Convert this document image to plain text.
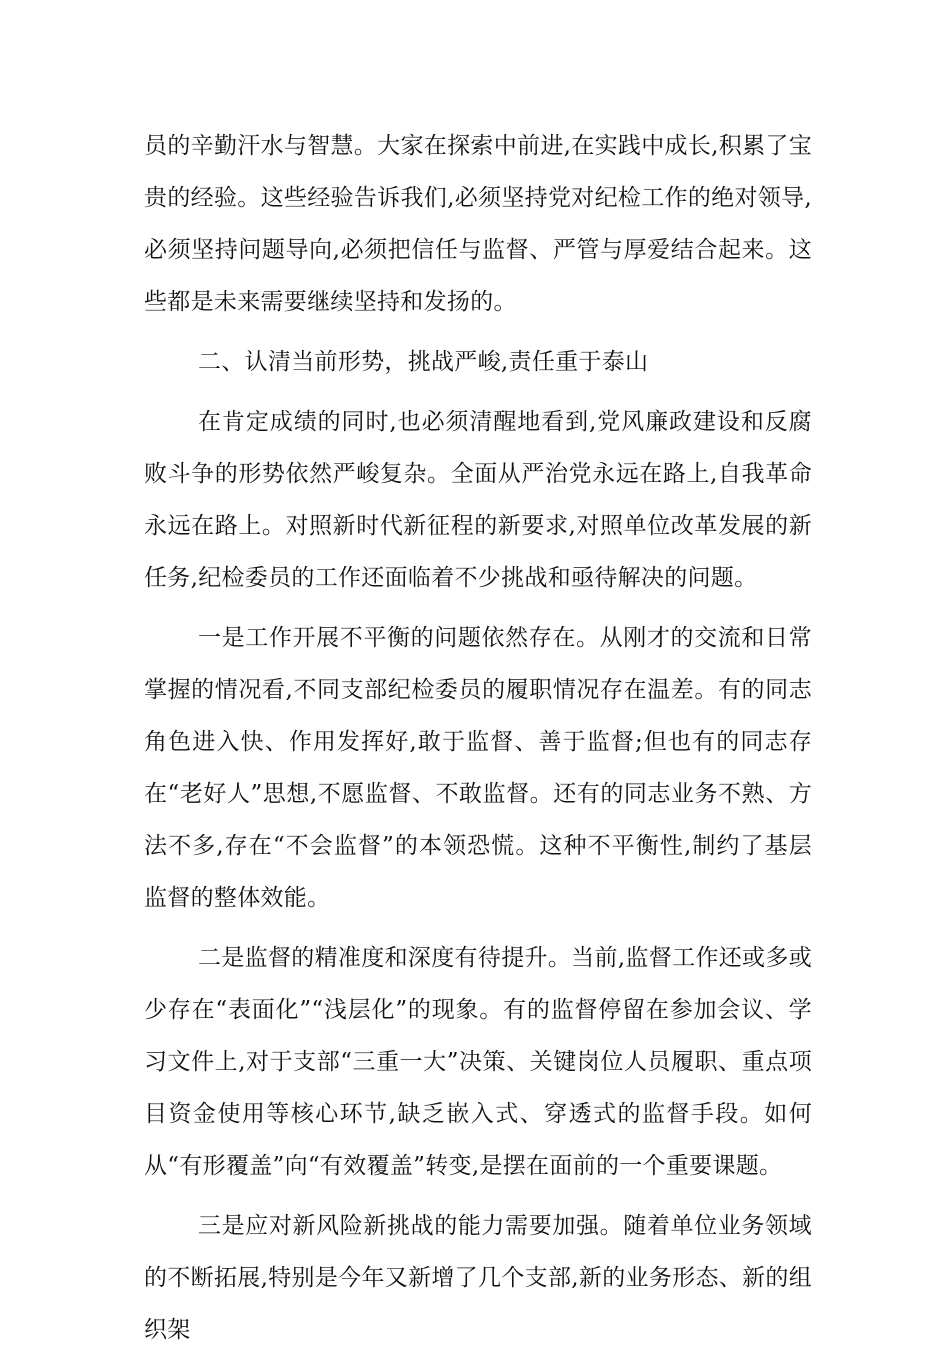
员的辛勤汗水与智慧。大家在探索中前进,在实践中成长,积累了宝贵的经验。这些经验告诉我们,必须坚持党对纪检工作的绝对领导,必须坚持问题导向,必须把信任与监督、严管与厚爱结合起来。这些都是未来需要继续坚持和发扬的。

二、认清当前形势，挑战严峻,责任重于泰山

在肯定成绩的同时,也必须清醒地看到,党风廉政建设和反腐败斗争的形势依然严峻复杂。全面从严治党永远在路上,自我革命永远在路上。对照新时代新征程的新要求,对照单位改革发展的新任务,纪检委员的工作还面临着不少挑战和亟待解决的问题。

一是工作开展不平衡的问题依然存在。从刚才的交流和日常掌握的情况看,不同支部纪检委员的履职情况存在温差。有的同志角色进入快、作用发挥好,敢于监督、善于监督;但也有的同志存在“老好人”思想,不愿监督、不敢监督。还有的同志业务不熟、方法不多,存在“不会监督”的本领恐慌。这种不平衡性,制约了基层监督的整体效能。

二是监督的精准度和深度有待提升。当前,监督工作还或多或少存在“表面化”“浅层化”的现象。有的监督停留在参加会议、学习文件上,对于支部“三重一大”决策、关键岗位人员履职、重点项目资金使用等核心环节,缺乏嵌入式、穿透式的监督手段。如何从“有形覆盖”向“有效覆盖”转变,是摆在面前的一个重要课题。

三是应对新风险新挑战的能力需要加强。随着单位业务领域的不断拓展,特别是今年又新增了几个支部,新的业务形态、新的组织架
